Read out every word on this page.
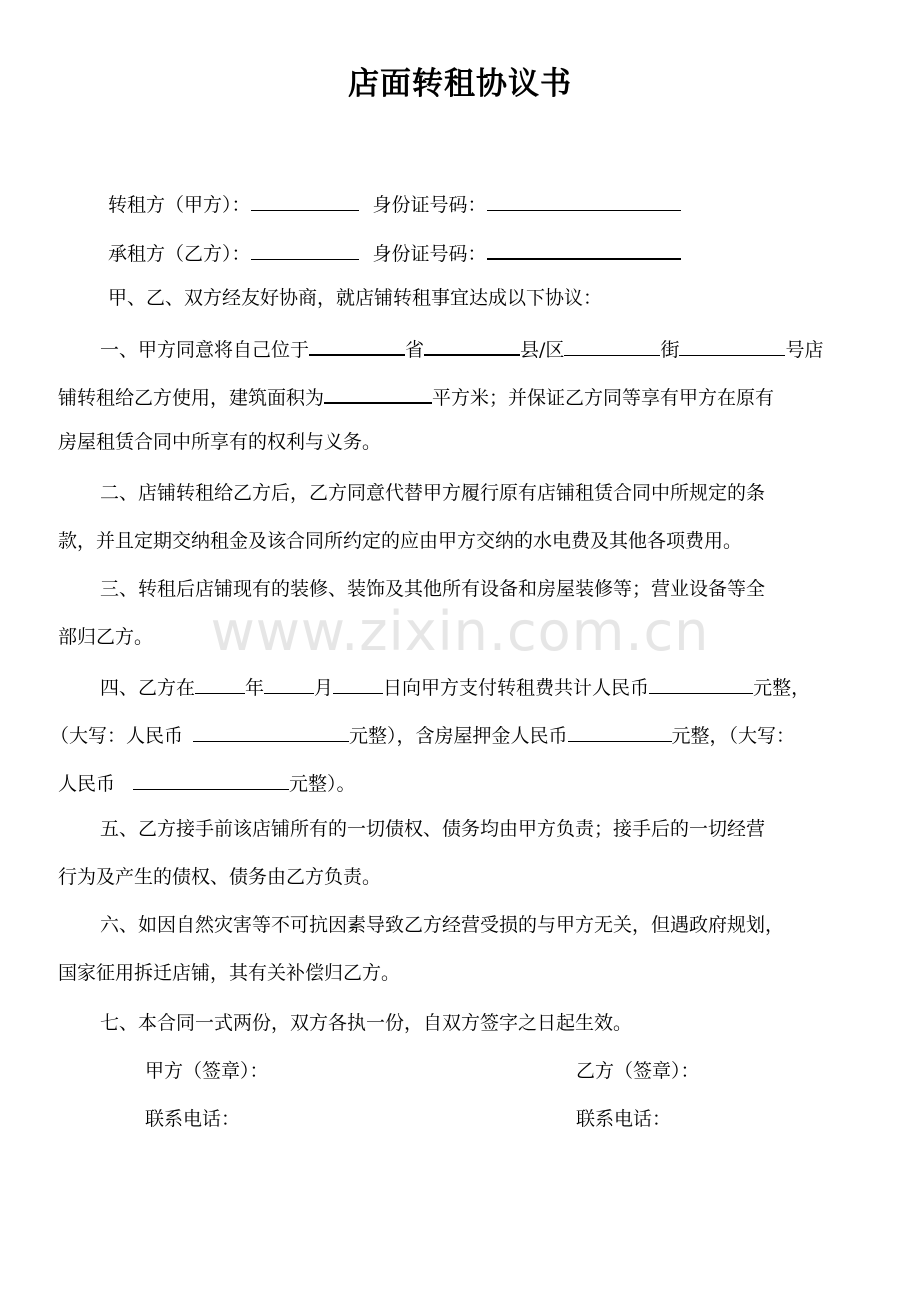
www.zixin.com.cn
店面转租协议书
转租方（甲方）：	身份证号码：
承租方（乙方）：	身份证号码：
甲、乙、双方经友好协商，就店铺转租事宜达成以下协议：
一、甲方同意将自己位于	省	县/区	街	号店
铺转租给乙方使用，建筑面积为	平方米；并保证乙方同等享有甲方在原有
房屋租赁合同中所享有的权利与义务。
二、店铺转租给乙方后，乙方同意代替甲方履行原有店铺租赁合同中所规定的条
款，并且定期交纳租金及该合同所约定的应由甲方交纳的水电费及其他各项费用。
三、转租后店铺现有的装修、装饰及其他所有设备和房屋装修等；营业设备等全
部归乙方。
四、乙方在	年	月	日向甲方支付转租费共计人民币	元整，
（大写：人民币	元整），含房屋押金人民币	元整，（大写：
人民币	元整）。
五、乙方接手前该店铺所有的一切债权、债务均由甲方负责；接手后的一切经营
行为及产生的债权、债务由乙方负责。
六、如因自然灾害等不可抗因素导致乙方经营受损的与甲方无关，但遇政府规划，
国家征用拆迁店铺，其有关补偿归乙方。
七、本合同一式两份，双方各执一份，自双方签字之日起生效。
甲方（签章）：	乙方（签章）：
联系电话：	联系电话：
